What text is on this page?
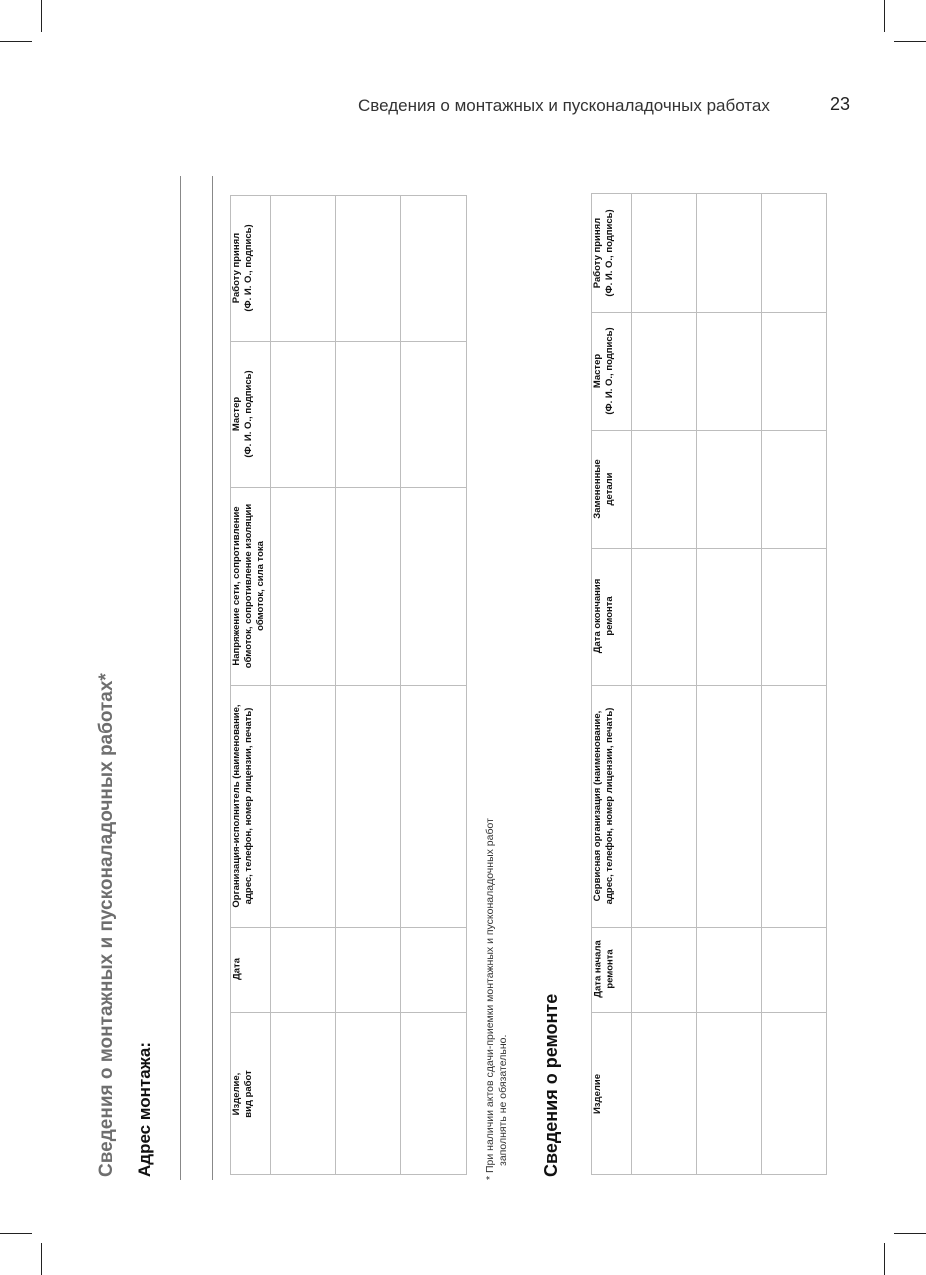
Сведения о монтажных и пусконаладочных работах	23
Сведения о монтажных и пусконаладочных работах* Адрес монтажа:	Сведения о ремонте
* При наличии актов сдачи-приемки монтажных и пусконаладочных работ заполнять не обязательно.
Изделие,
вид работ
Дата
Организация-исполнитель (наименование,
адрес, телефон, номер лицензии, печать)
Напряжение сети, сопротивление
обмоток, сопротивление изоляции
обмоток, сила тока
Мастер
(Ф. И. О., подпись)
Работу принял
(Ф. И. О., подпись)
Изделие
Дата начала
ремонта
Сервисная организация (наименование,
адрес, телефон, номер лицензии, печать)
Дата окончания
ремонта
Замененные
детали
Мастер
(Ф. И. О., подпись)
Работу принял
(Ф. И. О., подпись)
